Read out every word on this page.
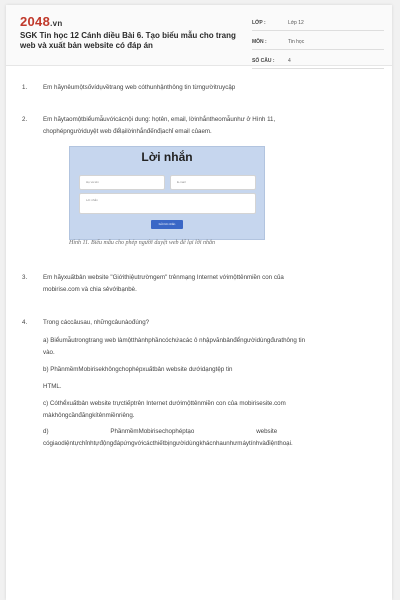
2048.vn
SGK Tin học 12 Cánh diều Bài 6. Tạo biểu mẫu cho trang web và xuất bản website có đáp án
LỚP :	Lớp 12
MÔN :	Tin học
SỐ CÂU :	4
1.	Em hãynêumộtsốvídụvềtrang web cóthunhậnthông tin từngườitruycập
2.	Em hãytaomộtbiểumẫuvớicácnội dung: họtên, email, lờinhắntheomẫunhư ở Hình 11,
chophépngườiduyệt web đểlạilờinhắnđếnđịachỉ email củaem.
Lời nhắn
Họ và tên	E-mail
Lời nhắn
Gửi lời nhắn
Hình 11. Biểu mẫu cho phép người duyệt web để lại lời nhắn
3.	Em hãyxuấtbản website "Giớithiệutrườngem" trênmạng Internet vớimộttênmiền con của
mobirise.com và chia sẻvớibạnbè.
4.	Trong cáccâusau, nhữngcâunàođúng?
a) Biểumẫutrongtrang web làmộtthànhphầncóchứacác ô nhậpvănbảnđểngườidùngđưathông tin
vào.
b) PhầnmềmMobirisekhôngchophépxuấtbản website dướidạngtệp tin
HTML.
c) Cóthểxuấtbản website trựctiếptrên Internet dướimộttênmiền con của mobirisesite.com
màkhôngcầnđăngkítênmiềnriêng.
d)                                    PhầnmềmMobirisechophéptạo                                    website
cógiaodiệntựchỉnhtựđộngđápứngvớicácthiếtbịngườidùngkhácnhaunhưmáytínhvàđiệnthoại.
